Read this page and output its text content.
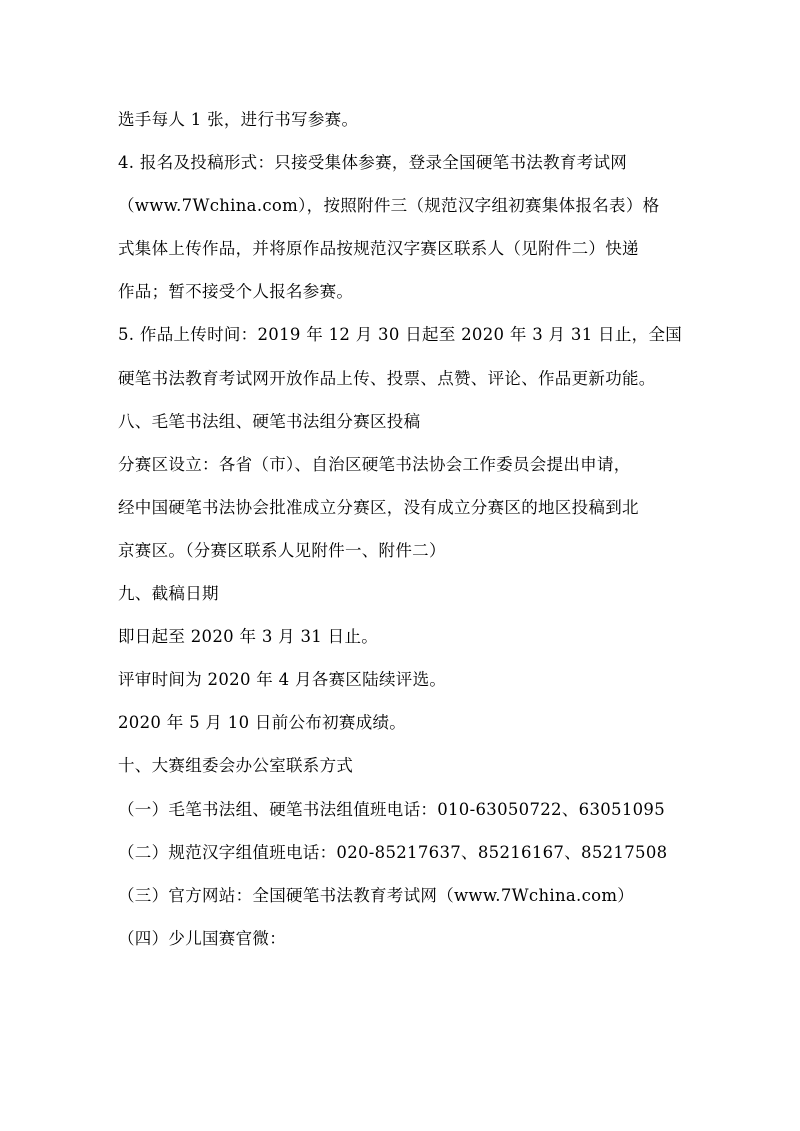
选手每人 1 张，进行书写参赛。
4. 报名及投稿形式：只接受集体参赛，登录全国硬笔书法教育考试网
（www.7Wchina.com），按照附件三（规范汉字组初赛集体报名表）格
式集体上传作品，并将原作品按规范汉字赛区联系人（见附件二）快递
作品；暂不接受个人报名参赛。
5. 作品上传时间：2019 年 12 月 30 日起至 2020 年 3 月 31 日止，全国
硬笔书法教育考试网开放作品上传、投票、点赞、评论、作品更新功能。
八、毛笔书法组、硬笔书法组分赛区投稿
分赛区设立：各省（市）、自治区硬笔书法协会工作委员会提出申请，
经中国硬笔书法协会批准成立分赛区，没有成立分赛区的地区投稿到北
京赛区。（分赛区联系人见附件一、附件二）
九、截稿日期
即日起至 2020 年 3 月 31 日止。
评审时间为 2020 年 4 月各赛区陆续评选。
2020 年 5 月 10 日前公布初赛成绩。
十、大赛组委会办公室联系方式
（一）毛笔书法组、硬笔书法组值班电话：010-63050722、63051095
（二）规范汉字组值班电话：020-85217637、85216167、85217508
（三）官方网站：全国硬笔书法教育考试网（www.7Wchina.com）
（四）少儿国赛官微：
